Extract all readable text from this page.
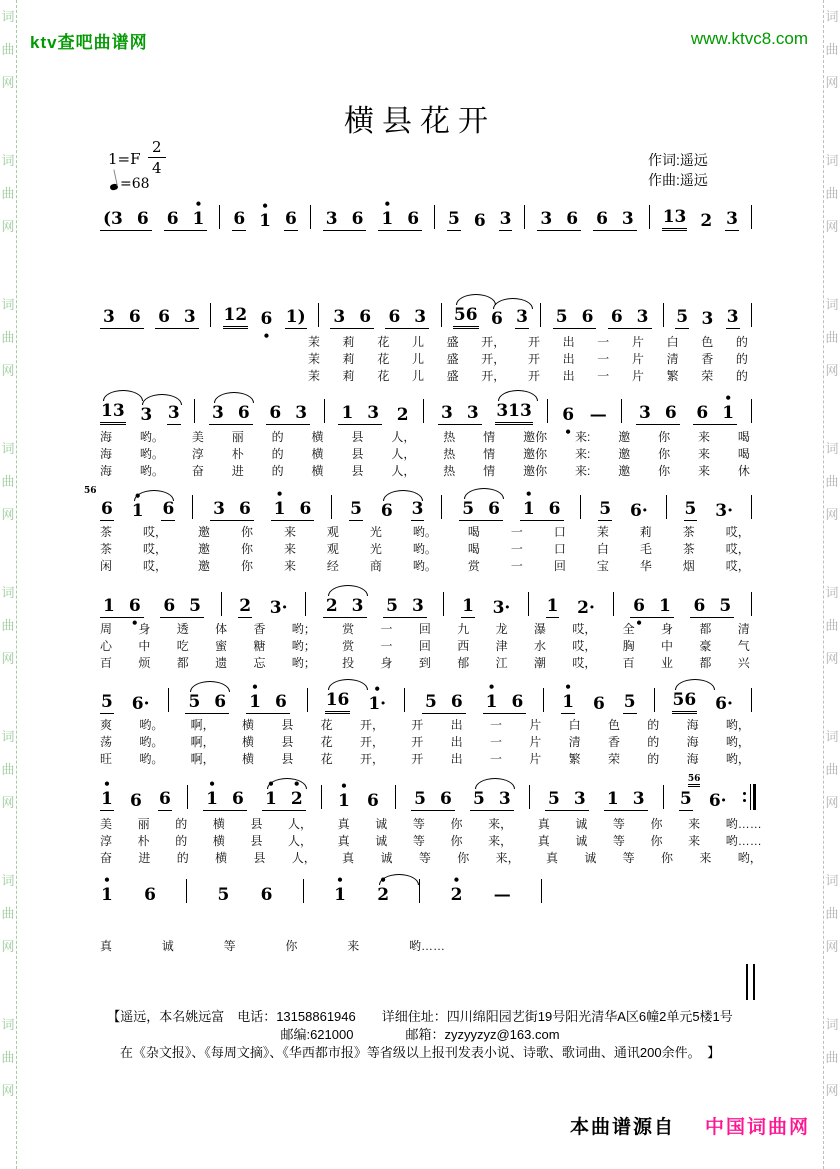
词
曲
网
词
曲
网
词
曲
网
词
曲
网
词
曲
网
词
曲
网
词
曲
网
词
曲
网
词
曲
网
词
曲
网
词
曲
网
词
曲
网
词
曲
网
词
曲
网
词
曲
网
词
曲
网
ktv查吧曲谱网	www.ktvc8.com
横县花开
$1=F \frac{2}{4}$
=68
作词:遥远
作曲:遥远
(3 6 6 1
•
6 1
•
6 3 6 1
•
6 5 6 3 3 6 6 3 13 2 3
3 6 6 3 12 6
•
1) 3 6 6 3 56 6 3 5 6 6 3 5 3 3
茉 莉 花 儿 盛 开， 开 出 一 片 白 色 的
茉 莉 花 儿 盛 开， 开 出 一 片 清 香 的
茉 莉 花 儿 盛 开， 开 出 一 片 繁 荣 的
13 3 3 3 6 6 3 1 3 2 3 3 313 6
•
— 3 6 6 1
•
海 哟。 美 丽 的 横 县 人， 热 情 邀你 来: 邀 你 来 喝
海 哟。 淳 朴 的 横 县 人， 热 情 邀你 来: 邀 你 来 喝
海 哟。 奋 进 的 横 县 人， 热 情 邀你 来: 邀 你 来 休
6
56
1
•
6 3 6 1
•
6 5 6 3 5 6 1
•
6 5 6· 5 3·
茶	哎，	邀	你	来	观	光	哟。	喝	一	口	茉	莉	茶	哎，
茶	哎，	邀	你	来	观	光	哟。	喝	一	口	白	毛	茶	哎，
闲	哎，	邀	你	来	经	商	哟。	赏	一	回	宝	华	烟	哎，
1 6
•
6 5 2 3· 2 3 5 3 1 3· 1 2· 6
•
1 6 5
周 身 透 体 香 哟； 赏 一 回 九 龙 瀑 哎， 全 身 都 清
心 中 吃 蜜 糖 哟； 赏 一 回 西 津 水 哎， 胸 中 豪 气
百 烦 都 遗 忘 哟； 投 身 到 郁 江 潮 哎， 百 业 都 兴
5 6· 5 6 1
•
6 16 1·
•
5 6 1
•
6 1
•
6 5 56 6·
爽 哟。 啊， 横 县 花 开， 开 出 一 片 白 色 的 海 哟，
荡 哟。 啊， 横 县 花 开， 开 出 一 片 清 香 的 海 哟，
旺 哟。 啊， 横 县 花 开， 开 出 一 片 繁 荣 的 海 哟，
1
•
6 6 1
•
6 1
•
2
•
1
•
6 5 6 5 3 5 3 1 3 5
56
6·
美 丽 的 横 县 人， 真 诚 等 你 来， 真 诚 等 你 来 哟……
淳 朴 的 横 县 人， 真 诚 等 你 来， 真 诚 等 你 来 哟……
奋 进 的 横 县 人， 真 诚 等 你 来， 真 诚 等 你 来 哟，
1
•
6	5 6	1
•
2
•
2
•
—
真	诚	等	你	来	哟……
【遥远，本名姚远富　电话：13158861946　　详细住址：四川绵阳园艺街19号阳光清华A区6幢2单元5楼1号
邮编:621000　　　　邮箱：zyzyyzyz@163.com
在《杂文报》、《每周文摘》、《华西都市报》等省级以上报刊发表小说、诗歌、歌词曲、通讯200余件。　】
本曲谱源自 中国词曲网
